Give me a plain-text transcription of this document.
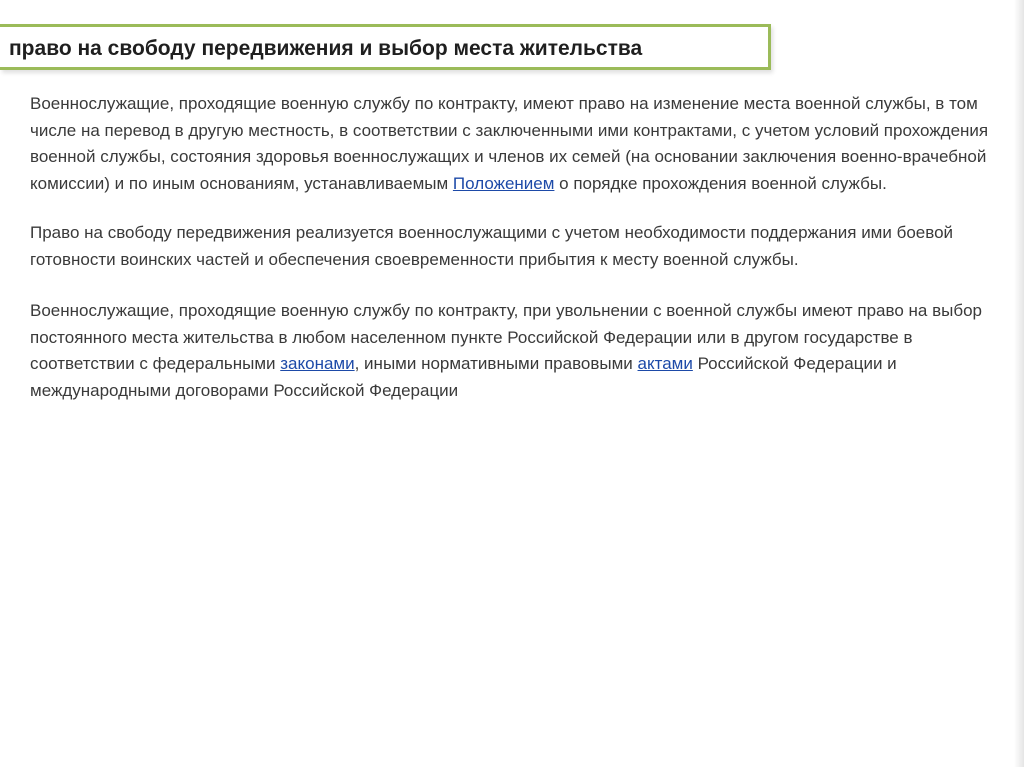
право на свободу передвижения и выбор места жительства

Военнослужащие, проходящие военную службу по контракту, имеют право на изменение места военной службы, в том числе на перевод в другую местность, в соответствии с заключенными ими контрактами, с учетом условий прохождения военной службы, состояния здоровья военнослужащих и членов их семей (на основании заключения военно-врачебной комиссии) и по иным основаниям, устанавливаемым Положением о порядке прохождения военной службы.

Право на свободу передвижения реализуется военнослужащими с учетом необходимости поддержания ими боевой готовности воинских частей и обеспечения своевременности прибытия к месту военной службы.

Военнослужащие, проходящие военную службу по контракту, при увольнении с военной службы имеют право на выбор постоянного места жительства в любом населенном пункте Российской Федерации или в другом государстве в соответствии с федеральными законами, иными нормативными правовыми актами Российской Федерации и международными договорами Российской Федерации
